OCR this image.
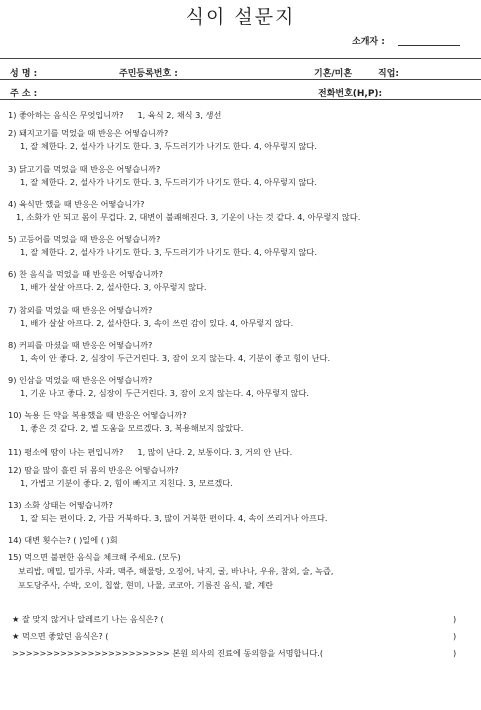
식이 설문지
소개자 :
성 명 :	주민등록번호 :	기혼/미혼	직업:
주 소 :	전화번호(H,P):
1) 좋아하는 음식은 무엇입니까? 1, 육식 2, 채식 3, 생선
2) 돼지고기를 먹었을 때 반응은 어떻습니까?
1, 잘 체한다. 2, 설사가 나기도 한다. 3, 두드러기가 나기도 한다. 4, 아무렇지 않다.
3) 닭고기를 먹었을 때 반응은 어떻습니까?
1, 잘 체한다. 2, 설사가 나기도 한다. 3, 두드러기가 나기도 한다. 4, 아무렇지 않다.
4) 육식만 했을 때 반응은 어떻습니가?
1, 소화가 안 되고 몸이 무겁다. 2, 대변이 불쾌해진다. 3, 기운이 나는 것 같다. 4, 아무렇지 않다.
5) 고등어를 먹었을 때 반응은 어떻습니까?
1, 잘 체한다. 2, 설사가 나기도 한다. 3, 두드러기가 나기도 한다. 4, 아무렇지 않다.
6) 찬 음식을 먹었을 때 반응은 어떻습니까?
1, 배가 살살 아프다. 2, 설사한다. 3, 아무렇지 않다.
7) 참외를 먹었을 때 반응은 어떻습니까?
1, 배가 살살 아프다. 2, 설사한다. 3, 속이 쓰린 감이 있다. 4, 아무렇지 않다.
8) 커피를 마셨을 때 반응은 어떻습니까?
1, 속이 안 좋다. 2, 심장이 두근거린다. 3, 잠이 오지 않는다. 4, 기분이 좋고 힘이 난다.
9) 인삼을 먹었을 때 반응은 어떻습니까?
1, 기운 나고 좋다. 2, 심장이 두근거린다. 3, 잠이 오지 않는다. 4, 아무렇지 않다.
10) 녹용 든 약을 복용했을 때 반응은 어떻습니까?
1, 좋은 것 같다. 2, 별 도움을 모르겠다. 3, 복용해보지 않았다.
11) 평소에 땀이 나는 편입니까? 1, 많이 난다. 2, 보통이다. 3, 거의 안 난다.
12) 땀을 많이 흘린 뒤 몸의 반응은 어떻습니까?
1, 가볍고 기분이 좋다. 2, 힘이 빠지고 지친다. 3, 모르겠다.
13) 소화 상태는 어떻습니까?
1, 잘 되는 편이다. 2, 가끔 거북하다. 3, 많이 거북한 편이다. 4, 속이 쓰리거나 아프다.
14) 대변 횟수는? ( )일에 ( )회
15) 먹으면 불편한 음식을 체크해 주세요. (모두)
보리밥, 메밀, 밀가루, 사과, 맥주, 해물탕, 오징어, 낙지, 굴, 바나나, 우유, 참외, 술, 녹즙,
포도당주사, 수박, 오이, 칩쌀, 현미, 나물, 코코아, 기름진 음식, 팥, 계란
★ 잘 맞지 않거나 알레르기 나는 음식은? (	)
★ 먹으면 좋았던 음식은? (	)
>>>>>>>>>>>>>>>>>>>>>>> 본원 의사의 진료에 동의함을 서명합니다.(	)
